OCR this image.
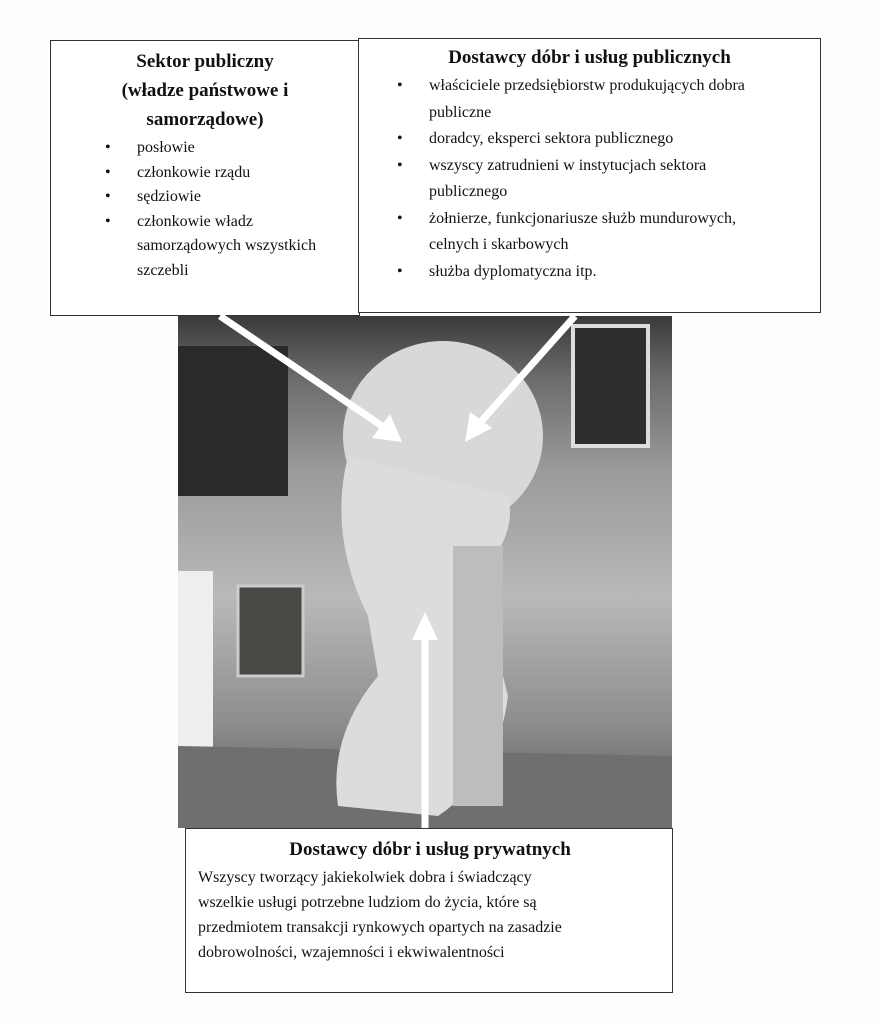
Sektor publiczny
(władze państwowe i
samorządowe)
• posłowie
• członkowie rządu
• sędziowie
• członkowie władz samorządowych wszystkich szczebli
Dostawcy dóbr i usług publicznych
• właściciele przedsiębiorstw produkujących dobra publiczne
• doradcy, eksperci sektora publicznego
• wszyscy zatrudnieni w instytucjach sektora publicznego
• żołnierze, funkcjonariusze służb mundurowych, celnych i skarbowych
• służba dyplomatyczna itp.
Dostawcy dóbr i usług prywatnych

Wszyscy tworzący jakiekolwiek dobra i świadczący
wszelkie usługi potrzebne ludziom do życia, które są
przedmiotem transakcji rynkowych opartych na zasadzie
dobrowolności, wzajemności i ekwiwalentności
